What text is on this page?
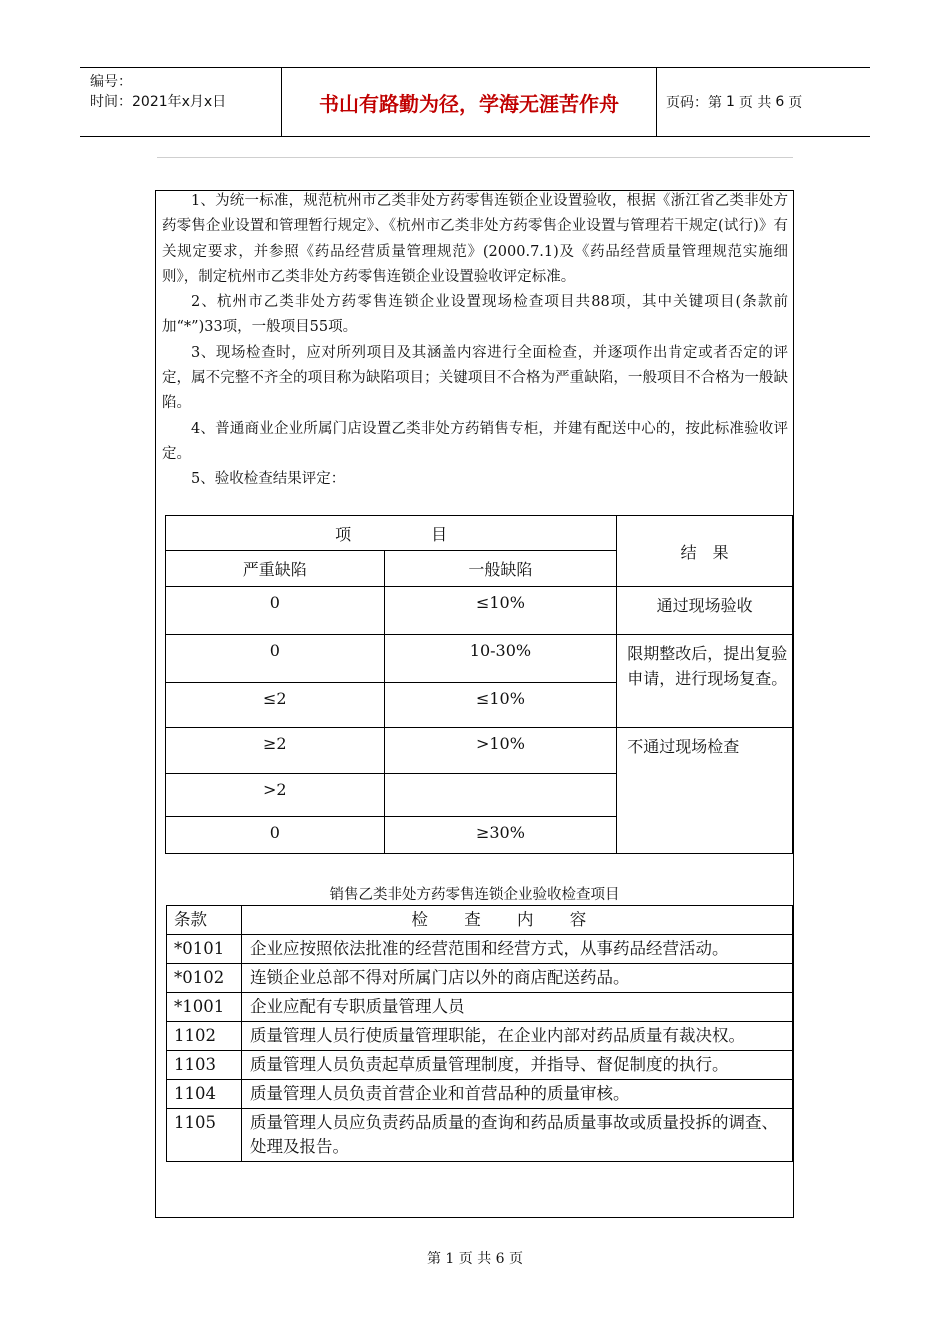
编号：
时间：2021年x月x日	书山有路勤为径，学海无涯苦作舟	页码：第 1 页 共 6 页

1、为统一标准，规范杭州市乙类非处方药零售连锁企业设置验收，根据《浙江省乙类非处方药零售企业设置和管理暂行规定》、《杭州市乙类非处方药零售企业设置与管理若干规定(试行)》有关规定要求，并参照《药品经营质量管理规范》(2000.7.1)及《药品经营质量管理规范实施细则》，制定杭州市乙类非处方药零售连锁企业设置验收评定标准。

2、杭州市乙类非处方药零售连锁企业设置现场检查项目共88项，其中关键项目(条款前加“*”)33项，一般项目55项。

3、现场检查时，应对所列项目及其涵盖内容进行全面检查，并逐项作出肯定或者否定的评定，属不完整不齐全的项目称为缺陷项目；关键项目不合格为严重缺陷，一般项目不合格为一般缺陷。

4、普通商业企业所属门店设置乙类非处方药销售专柜，并建有配送中心的，按此标准验收评定。

5、验收检查结果评定：

项　　　　　目		结　果
严重缺陷	一般缺陷	
0	≤10%	通过现场验收
0	10-30%	限期整改后，提出复验申请，进行现场复查。
≤2	≤10%	
≥2	>10%	不通过现场检查
>2		
0	≥30%	
销售乙类非处方药零售连锁企业验收检查项目
条款	检查内容
*0101	企业应按照依法批准的经营范围和经营方式，从事药品经营活动。
*0102	连锁企业总部不得对所属门店以外的商店配送药品。
*1001	企业应配有专职质量管理人员
1102	质量管理人员行使质量管理职能，在企业内部对药品质量有裁决权。
1103	质量管理人员负责起草质量管理制度，并指导、督促制度的执行。
1104	质量管理人员负责首营企业和首营品种的质量审核。
1105	质量管理人员应负责药品质量的查询和药品质量事故或质量投拆的调查、处理及报告。
第 1 页 共 6 页
